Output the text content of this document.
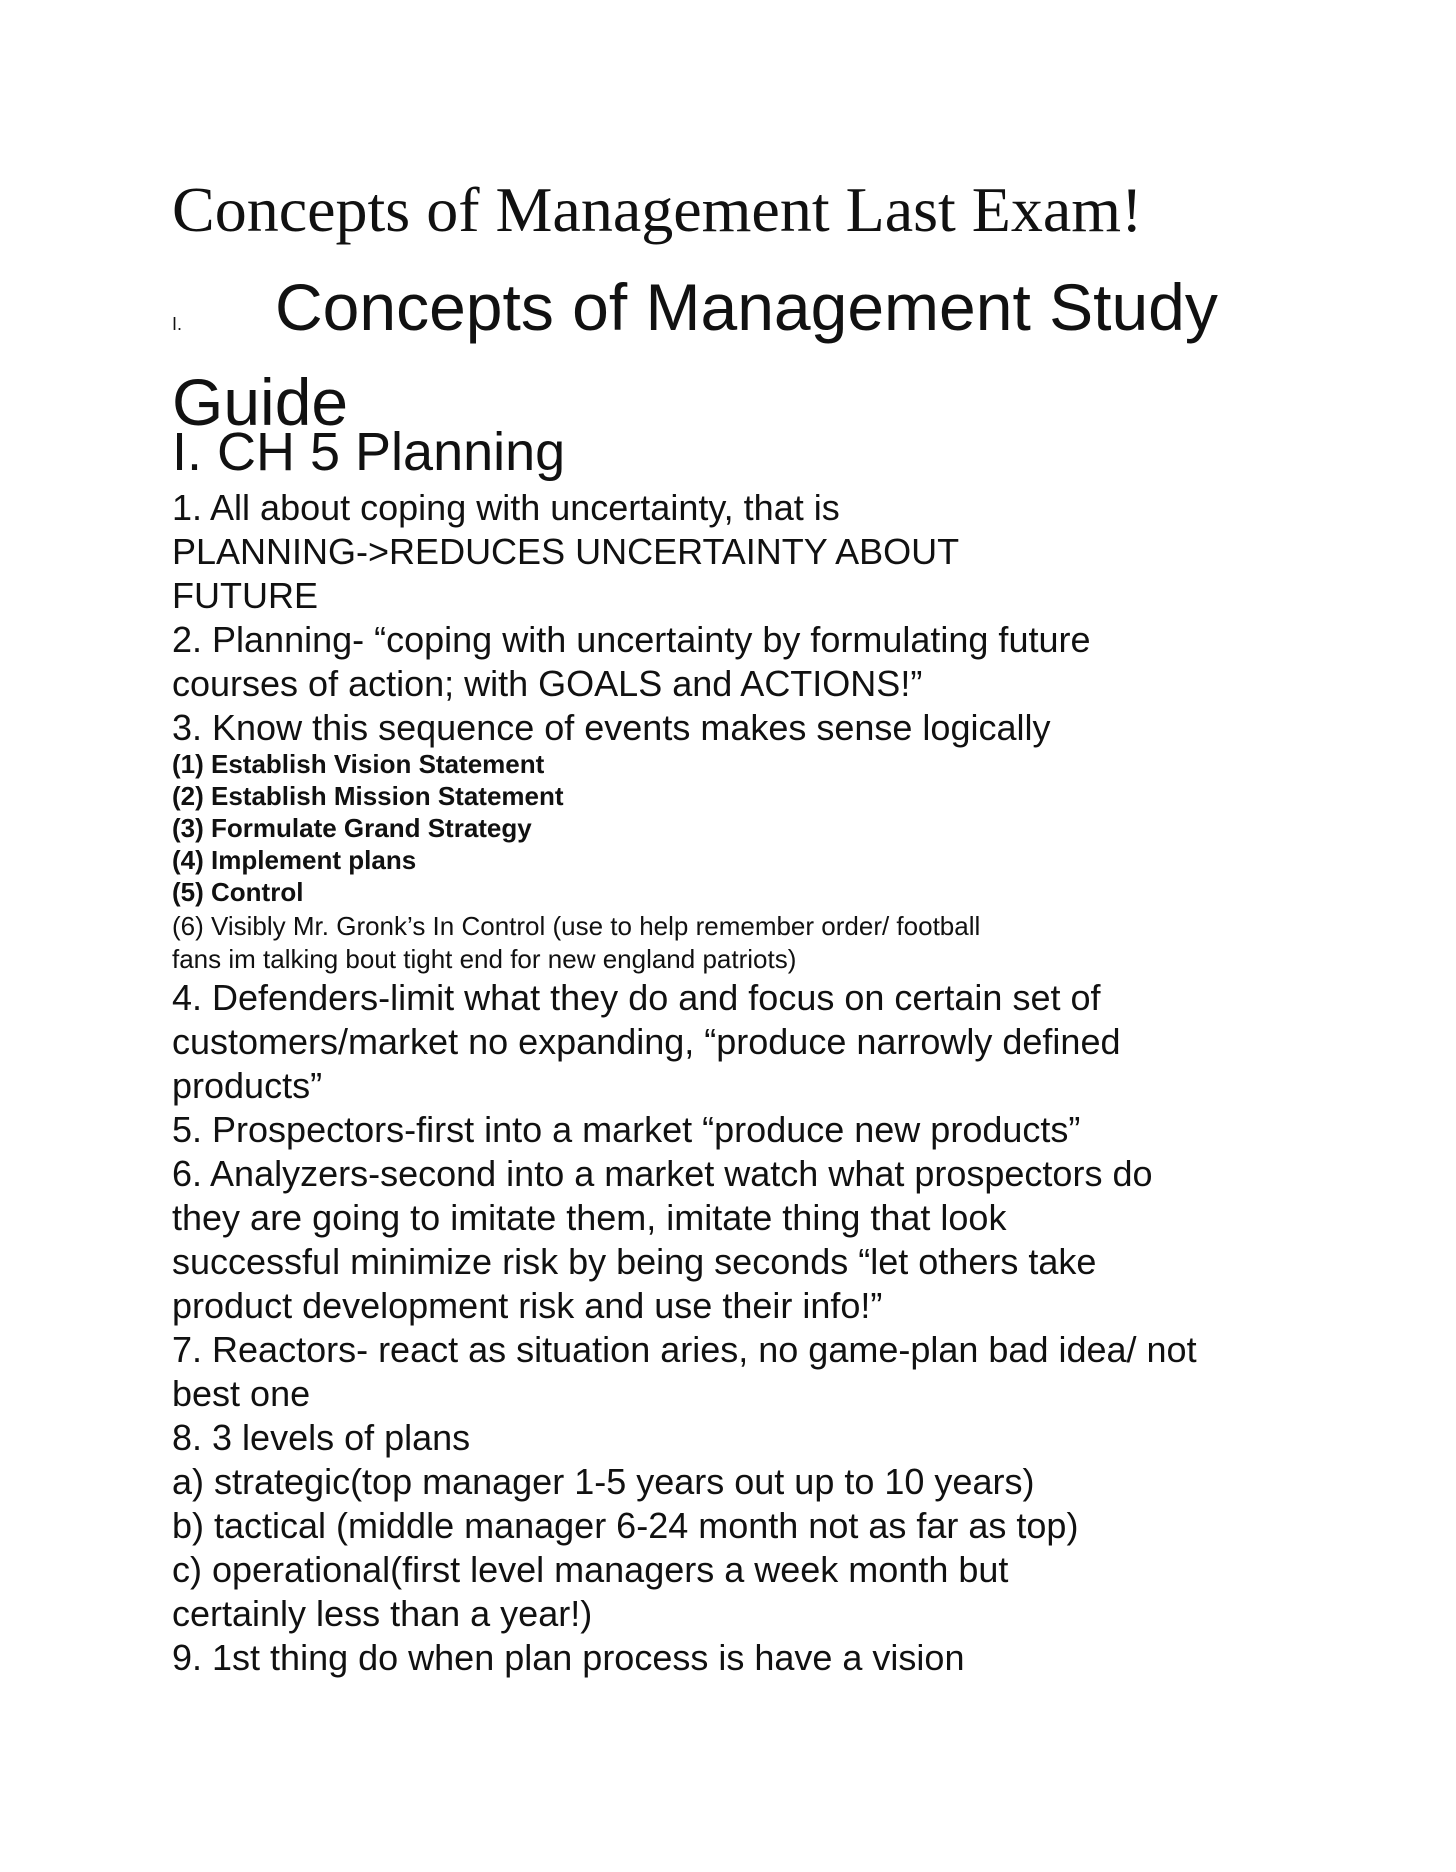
Concepts of Management Last Exam!
I. Concepts of Management Study
Guide
I. CH 5 Planning
1. All about coping with uncertainty, that is
PLANNING->REDUCES UNCERTAINTY ABOUT
FUTURE
2. Planning- “coping with uncertainty by formulating future
courses of action; with GOALS and ACTIONS!”
3. Know this sequence of events makes sense logically
(1) Establish Vision Statement
(2) Establish Mission Statement
(3) Formulate Grand Strategy
(4) Implement plans
(5) Control
(6) Visibly Mr. Gronk’s In Control (use to help remember order/ football
fans im talking bout tight end for new england patriots)
4. Defenders-limit what they do and focus on certain set of
customers/market no expanding, “produce narrowly defined
products”
5. Prospectors-first into a market “produce new products”
6. Analyzers-second into a market watch what prospectors do
they are going to imitate them, imitate thing that look
successful minimize risk by being seconds “let others take
product development risk and use their info!”
7. Reactors- react as situation aries, no game-plan bad idea/ not
best one
8. 3 levels of plans
a) strategic(top manager 1-5 years out up to 10 years)
b) tactical (middle manager 6-24 month not as far as top)
c) operational(first level managers a week month but
certainly less than a year!)
9. 1st thing do when plan process is have a vision
